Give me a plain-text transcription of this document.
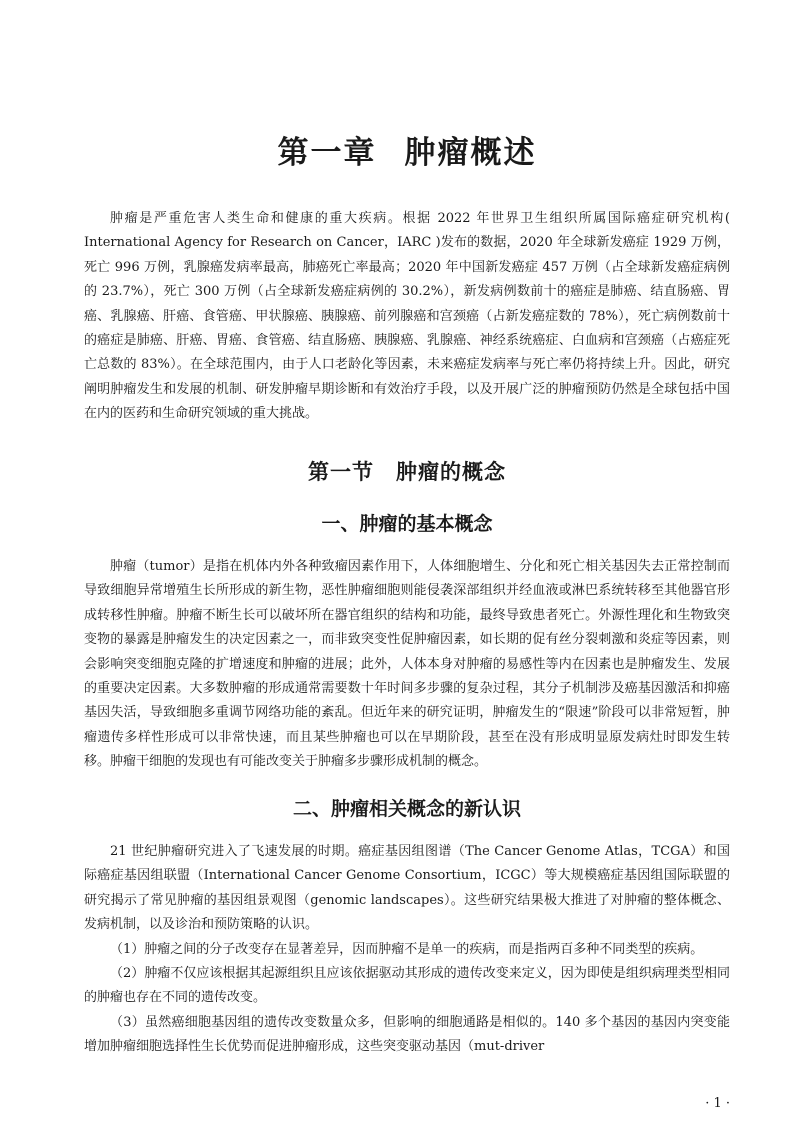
第一章 肿瘤概述

肿瘤是严重危害人类生命和健康的重大疾病。根据 2022 年世界卫生组织所属国际癌症研究机构( International Agency for Research on Cancer，IARC )发布的数据，2020 年全球新发癌症 1929 万例，死亡 996 万例，乳腺癌发病率最高，肺癌死亡率最高；2020 年中国新发癌症 457 万例（占全球新发癌症病例的 23.7%），死亡 300 万例（占全球新发癌症病例的 30.2%），新发病例数前十的癌症是肺癌、结直肠癌、胃癌、乳腺癌、肝癌、食管癌、甲状腺癌、胰腺癌、前列腺癌和宫颈癌（占新发癌症数的 78%），死亡病例数前十的癌症是肺癌、肝癌、胃癌、食管癌、结直肠癌、胰腺癌、乳腺癌、神经系统癌症、白血病和宫颈癌（占癌症死亡总数的 83%）。在全球范围内，由于人口老龄化等因素，未来癌症发病率与死亡率仍将持续上升。因此，研究阐明肿瘤发生和发展的机制、研发肿瘤早期诊断和有效治疗手段，以及开展广泛的肿瘤预防仍然是全球包括中国在内的医药和生命研究领域的重大挑战。

第一节 肿瘤的概念
一、肿瘤的基本概念

肿瘤（tumor）是指在机体内外各种致瘤因素作用下，人体细胞增生、分化和死亡相关基因失去正常控制而导致细胞异常增殖生长所形成的新生物，恶性肿瘤细胞则能侵袭深部组织并经血液或淋巴系统转移至其他器官形成转移性肿瘤。肿瘤不断生长可以破坏所在器官组织的结构和功能，最终导致患者死亡。外源性理化和生物致突变物的暴露是肿瘤发生的决定因素之一，而非致突变性促肿瘤因素，如长期的促有丝分裂刺激和炎症等因素，则会影响突变细胞克隆的扩增速度和肿瘤的进展；此外，人体本身对肿瘤的易感性等内在因素也是肿瘤发生、发展的重要决定因素。大多数肿瘤的形成通常需要数十年时间多步骤的复杂过程，其分子机制涉及癌基因激活和抑癌基因失活，导致细胞多重调节网络功能的紊乱。但近年来的研究证明，肿瘤发生的“限速”阶段可以非常短暂，肿瘤遗传多样性形成可以非常快速，而且某些肿瘤也可以在早期阶段，甚至在没有形成明显原发病灶时即发生转移。肿瘤干细胞的发现也有可能改变关于肿瘤多步骤形成机制的概念。

二、肿瘤相关概念的新认识

21 世纪肿瘤研究进入了飞速发展的时期。癌症基因组图谱（The Cancer Genome Atlas，TCGA）和国际癌症基因组联盟（International Cancer Genome Consortium，ICGC）等大规模癌症基因组国际联盟的研究揭示了常见肿瘤的基因组景观图（genomic landscapes）。这些研究结果极大推进了对肿瘤的整体概念、发病机制，以及诊治和预防策略的认识。

（1）肿瘤之间的分子改变存在显著差异，因而肿瘤不是单一的疾病，而是指两百多种不同类型的疾病。

（2）肿瘤不仅应该根据其起源组织且应该依据驱动其形成的遗传改变来定义，因为即使是组织病理类型相同的肿瘤也存在不同的遗传改变。

（3）虽然癌细胞基因组的遗传改变数量众多，但影响的细胞通路是相似的。140 多个基因的基因内突变能增加肿瘤细胞选择性生长优势而促进肿瘤形成，这些突变驱动基因（mut-driver

· 1 ·
